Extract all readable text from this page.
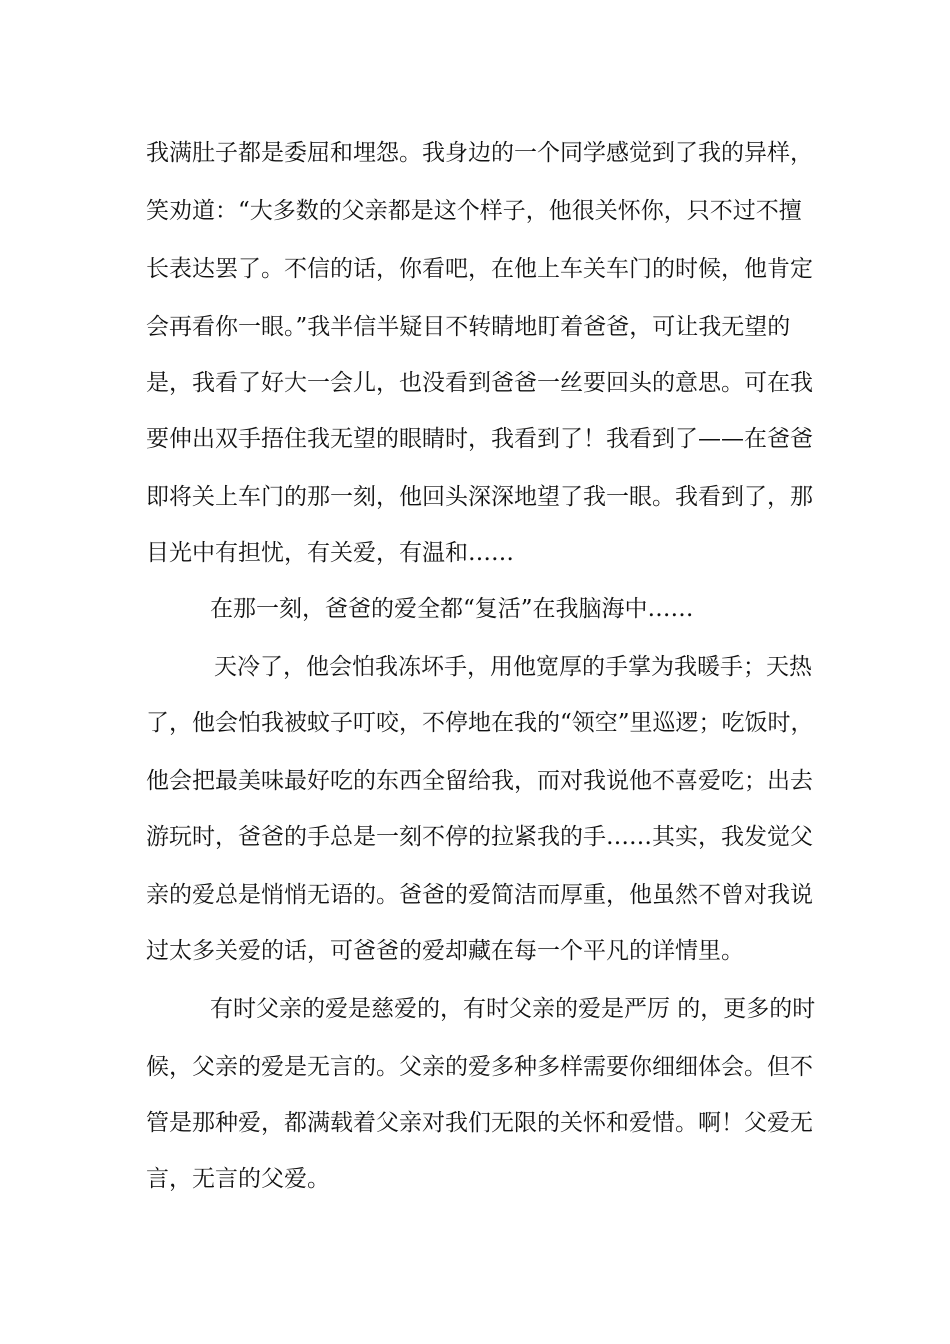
我满肚子都是委屈和埋怨。我身边的一个同学感觉到了我的异样，
笑劝道：“大多数的父亲都是这个样子，他很关怀你，只不过不擅
长表达罢了。不信的话，你看吧，在他上车关车门的时候，他肯定
会再看你一眼。”我半信半疑目不转睛地盯着爸爸，可让我无望的
是，我看了好大一会儿，也没看到爸爸一丝要回头的意思。可在我
要伸出双手捂住我无望的眼睛时，我看到了！我看到了——在爸爸
即将关上车门的那一刻，他回头深深地望了我一眼。我看到了，那
目光中有担忧，有关爱，有温和……
在那一刻，爸爸的爱全都“复活”在我脑海中……
天冷了，他会怕我冻坏手，用他宽厚的手掌为我暖手；天热
了，他会怕我被蚊子叮咬，不停地在我的“领空”里巡逻；吃饭时，
他会把最美味最好吃的东西全留给我，而对我说他不喜爱吃；出去
游玩时，爸爸的手总是一刻不停的拉紧我的手……其实，我发觉父
亲的爱总是悄悄无语的。爸爸的爱简洁而厚重，他虽然不曾对我说
过太多关爱的话，可爸爸的爱却藏在每一个平凡的详情里。
有时父亲的爱是慈爱的，有时父亲的爱是严厉 的，更多的时
候，父亲的爱是无言的。父亲的爱多种多样需要你细细体会。但不
管是那种爱，都满载着父亲对我们无限的关怀和爱惜。啊！父爱无
言，无言的父爱。
